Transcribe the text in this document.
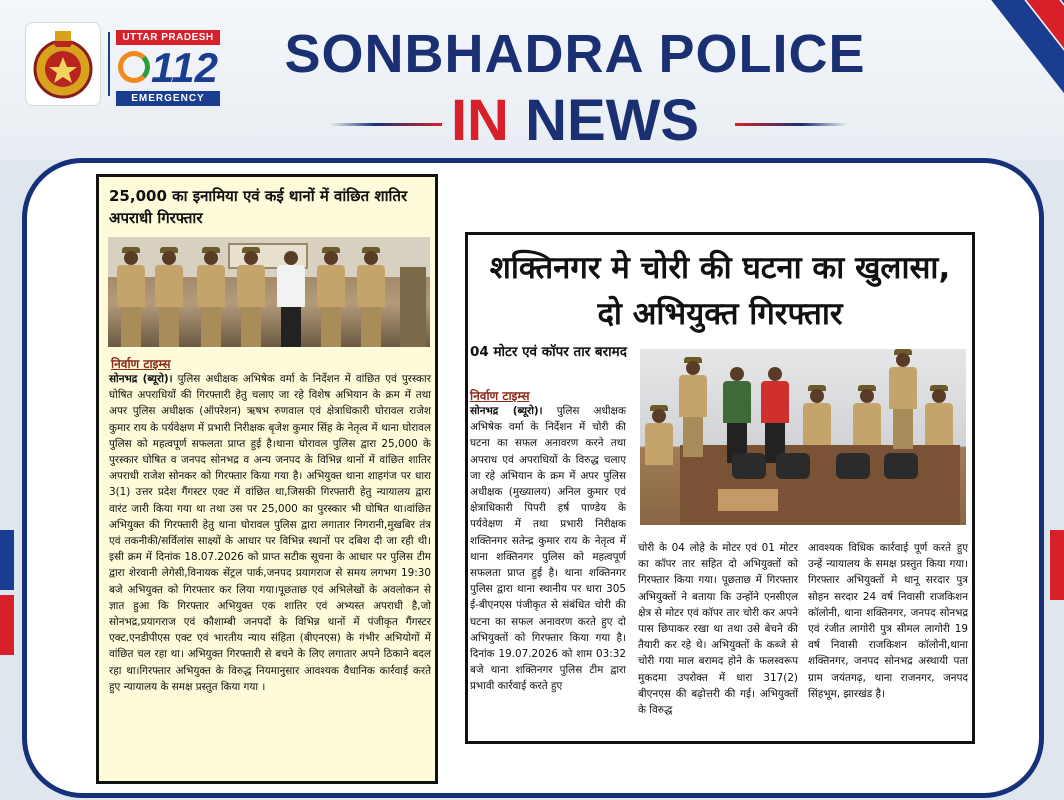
UTTAR PRADESH
112
EMERGENCY
SONBHADRA POLICE
IN NEWS
25,000 का इनामिया एवं कई थानों में वांछित शातिर अपराधी गिरफ्तार
निर्वाण टाइम्स
सोनभद्र (ब्यूरो)। पुलिस अधीक्षक अभिषेक वर्मा के निर्देशन में वांछित एवं पुरस्कार घोषित अपराधियों की गिरफ्तारी हेतु चलाए जा रहे विशेष अभियान के क्रम में तथा अपर पुलिस अधीक्षक (ऑपरेशन) ऋषभ रुणवाल एवं क्षेत्राधिकारी घोरावल राजेश कुमार राय के पर्यवेक्षण में प्रभारी निरीक्षक बृजेश कुमार सिंह के नेतृत्व में थाना घोरावल पुलिस को महत्वपूर्ण सफलता प्राप्त हुई है।थाना घोरावल पुलिस द्वारा 25,000 के पुरस्कार घोषित व जनपद सोनभद्र व अन्य जनपद के विभिन्न थानों में वांछित शातिर अपराधी राजेश सोनकर को गिरफ्तार किया गया है। अभियुक्त थाना शाहगंज पर धारा 3(1) उत्तर प्रदेश गैंगस्टर एक्ट में वांछित था,जिसकी गिरफ्तारी हेतु न्यायालय द्वारा वारंट जारी किया गया था तथा उस पर 25,000 का पुरस्कार भी घोषित था।वांछित अभियुक्त की गिरफ्तारी हेतु थाना घोरावल पुलिस द्वारा लगातार निगरानी,मुखबिर तंत्र एवं तकनीकी/सर्विलांस साक्ष्यों के आधार पर विभिन्न स्थानों पर दबिश दी जा रही थी। इसी क्रम में दिनांक 18.07.2026 को प्राप्त सटीक सूचना के आधार पर पुलिस टीम द्वारा शेरवानी लेगेसी,विनायक सेंट्रल पार्क,जनपद प्रयागराज से समय लगभग 19:30 बजे अभियुक्त को गिरफ्तार कर लिया गया।पूछताछ एवं अभिलेखों के अवलोकन से ज्ञात हुआ कि गिरफ्तार अभियुक्त एक शातिर एवं अभ्यस्त अपराधी है,जो सोनभद्र,प्रयागराज एवं कौशाम्बी जनपदों के विभिन्न थानों में पंजीकृत गैंगस्टर एक्ट,एनडीपीएस एक्ट एवं भारतीय न्याय संहिता (बीएनएस) के गंभीर अभियोगों में वांछित चल रहा था। अभियुक्त गिरफ्तारी से बचने के लिए लगातार अपने ठिकाने बदल रहा था।गिरफ्तार अभियुक्त के विरुद्ध नियमानुसार आवश्यक वैधानिक कार्रवाई करते हुए न्यायालय के समक्ष प्रस्तुत किया गया ।
शक्तिनगर मे चोरी की घटना का खुलासा,
दो अभियुक्त गिरफ्तार
04 मोटर एवं कॉपर तार बरामद
निर्वाण टाइम्स
सोनभद्र (ब्यूरो)। पुलिस अधीक्षक अभिषेक वर्मा के निर्देशन में चोरी की घटना का सफल अनावरण करने तथा अपराध एवं अपराधियों के विरुद्ध चलाए जा रहे अभियान के क्रम में अपर पुलिस अधीक्षक (मुख्यालय) अनिल कुमार एवं क्षेत्राधिकारी पिपरी हर्ष पाण्डेय के पर्यवेक्षण में तथा प्रभारी निरीक्षक शक्तिनगर सतेन्द्र कुमार राय के नेतृत्व में थाना शक्तिनगर पुलिस को महत्वपूर्ण सफलता प्राप्त हुई है। थाना शक्तिनगर पुलिस द्वारा थाना स्थानीय पर धारा 305 ई-बीएनएस पंजीकृत से संबंधित चोरी की घटना का सफल अनावरण करते हुए दो अभियुक्तों को गिरफ्तार किया गया है। दिनांक 19.07.2026 को शाम 03:32 बजे थाना शक्तिनगर पुलिस टीम द्वारा प्रभावी कार्रवाई करते हुए
चोरी के 04 लोहे के मोटर एवं 01 मोटर का कॉपर तार सहित दो अभियुक्तों को गिरफ्तार किया गया। पूछताछ में गिरफ्तार अभियुक्तों ने बताया कि उन्होंने एनसीएल क्षेत्र से मोटर एवं कॉपर तार चोरी कर अपने पास छिपाकर रखा था तथा उसे बेचने की तैयारी कर रहे थे। अभियुक्तों के कब्जे से चोरी गया माल बरामद होने के फलस्वरूप मुकदमा उपरोक्त में धारा 317(2) बीएनएस की बढ़ोत्तरी की गई। अभियुक्तों के विरुद्ध
आवश्यक विधिक कार्रवाई पूर्ण करते हुए उन्हें न्यायालय के समक्ष प्रस्तुत किया गया। गिरफ्तार अभियुक्तों मे धानू सरदार पुत्र सोहन सरदार 24 वर्ष निवासी राजकिशन कॉलोनी, थाना शक्तिनगर, जनपद सोनभद्र एवं रंजीत लागोरी पुत्र सीमल लागोरी 19 वर्ष निवासी राजकिशन कॉलोनी,थाना शक्तिनगर, जनपद सोनभद्र अस्थायी पता ग्राम जयंतगढ़, थाना राजनगर, जनपद सिंहभूम, झारखंड है।
